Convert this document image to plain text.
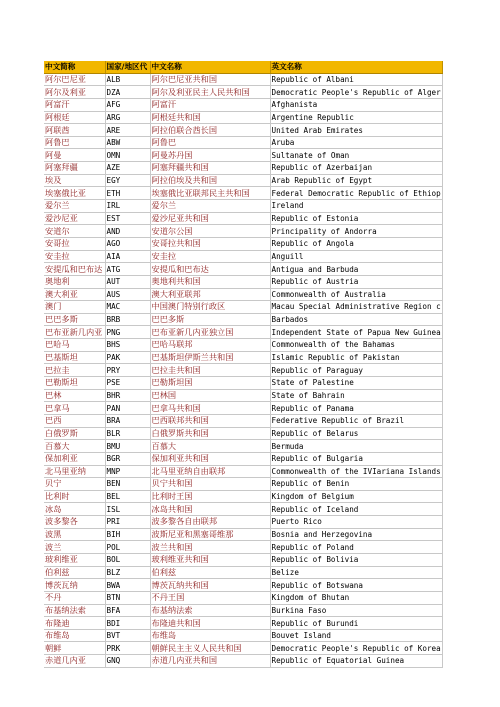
中文简称	国家/地区代	中文名称	英文名称
阿尔巴尼亚	ALB	阿尔巴尼亚共和国	Republic of Albani
阿尔及利亚	DZA	阿尔及利亚民主人民共和国	Democratic People's Republic of Alger
阿富汗	AFG	阿富汗	Afghanista
阿根廷	ARG	阿根廷共和国	Argentine Republic
阿联酋	ARE	阿拉伯联合酋长国	United Arab Emirates
阿鲁巴	ABW	阿鲁巴	Aruba
阿曼	OMN	阿曼苏丹国	Sultanate of Oman
阿塞拜疆	AZE	阿塞拜疆共和国	Republic of Azerbaijan
埃及	EGY	阿拉伯埃及共和国	Arab Republic of Egypt
埃塞俄比亚	ETH	埃塞俄比亚联邦民主共和国	Federal Democratic Republic of Ethiop
爱尔兰	IRL	爱尔兰	Ireland
爱沙尼亚	EST	爱沙尼亚共和国	Republic of Estonia
安道尔	AND	安道尔公国	Principality of Andorra
安哥拉	AGO	安哥拉共和国	Republic of Angola
安圭拉	AIA	安圭拉	Anguill
安提瓜和巴布达	ATG	安提瓜和巴布达	Antigua and Barbuda
奥地利	AUT	奥地利共和国	Republic of Austria
澳大利亚	AUS	澳大利亚联邦	Commonwealth of Australia
澳门	MAC	中国澳门特别行政区	Macau Special Administrative Region c
巴巴多斯	BRB	巴巴多斯	Barbados
巴布亚新几内亚	PNG	巴布亚新几内亚独立国	Independent State of Papua New Guinea
巴哈马	BHS	巴哈马联邦	Commonwealth of the Bahamas
巴基斯坦	PAK	巴基斯坦伊斯兰共和国	Islamic Republic of Pakistan
巴拉圭	PRY	巴拉圭共和国	Republic of Paraguay
巴勒斯坦	PSE	巴勒斯坦国	State of Palestine
巴林	BHR	巴林国	State of Bahrain
巴拿马	PAN	巴拿马共和国	Republic of Panama
巴西	BRA	巴西联邦共和国	Federative Republic of Brazil
白俄罗斯	BLR	白俄罗斯共和国	Republic of Belarus
百慕大	BMU	百慕大	Bermuda
保加利亚	BGR	保加利亚共和国	Republic of Bulgaria
北马里亚纳	MNP	北马里亚纳自由联邦	Commonwealth of the IVIariana Islands
贝宁	BEN	贝宁共和国	Republic of Benin
比利时	BEL	比利时王国	Kingdom of Belgium
冰岛	ISL	冰岛共和国	Republic of Iceland
波多黎各	PRI	波多黎各自由联邦	Puerto Rico
波黑	BIH	波斯尼亚和黑塞哥维那	Bosnia and Herzegovina
波兰	POL	波兰共和国	Republic of Poland
玻利维亚	BOL	玻利维亚共和国	Republic of Bolivia
伯利兹	BLZ	伯利兹	Belize
博茨瓦纳	BWA	博茨瓦纳共和国	Republic of Botswana
不丹	BTN	不丹王国	Kingdom of Bhutan
布基纳法索	BFA	布基纳法索	Burkina Faso
布隆迪	BDI	布隆迪共和国	Republic of Burundi
布维岛	BVT	布维岛	Bouvet Island
朝鲜	PRK	朝鲜民主主义人民共和国	Democratic People's Republic of Korea
赤道几内亚	GNQ	赤道几内亚共和国	Republic of Equatorial Guinea
